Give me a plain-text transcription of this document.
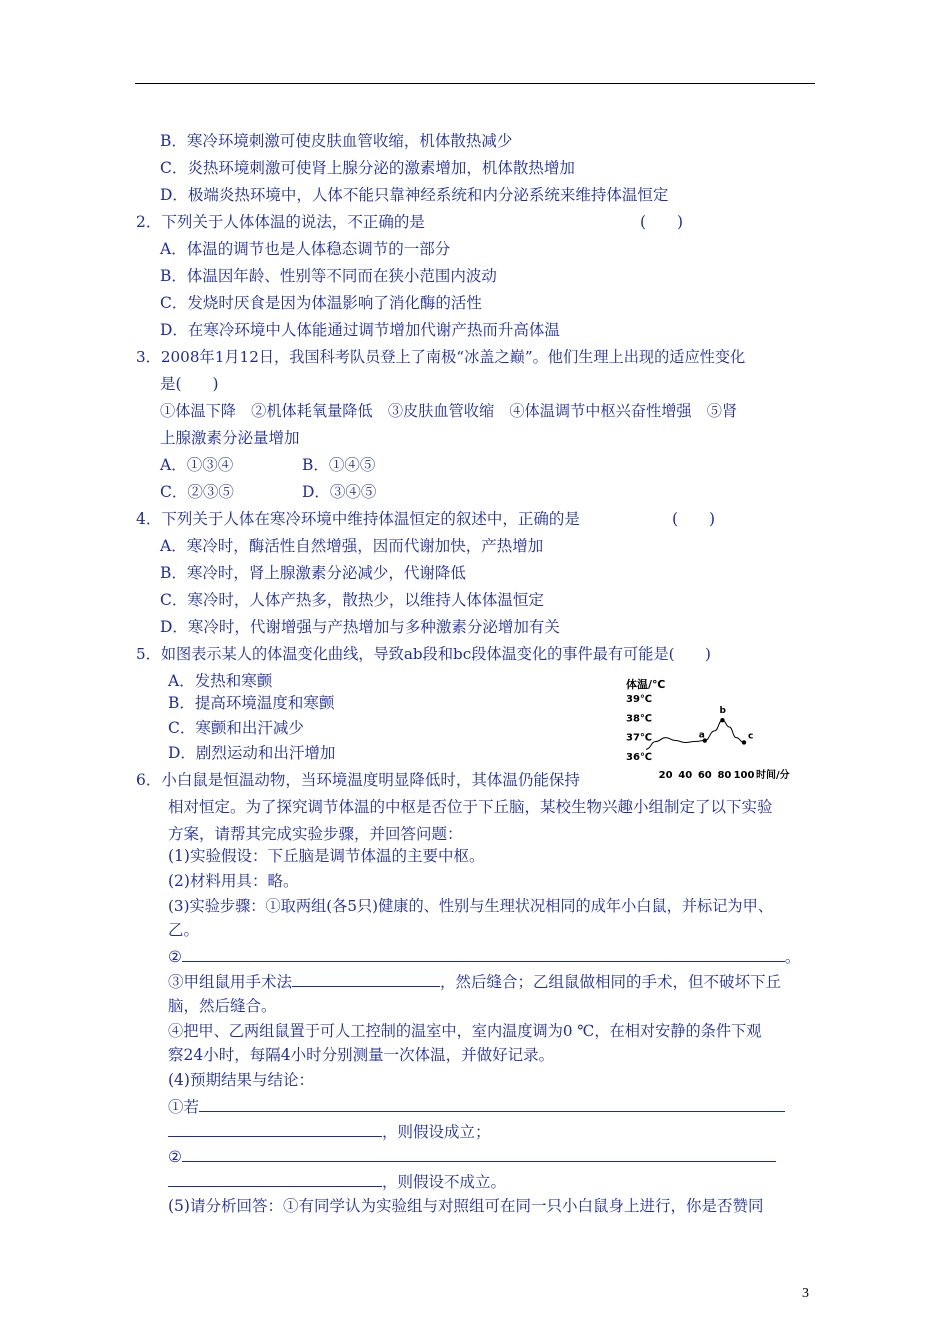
B．寒冷环境刺激可使皮肤血管收缩，机体散热减少
C．炎热环境刺激可使肾上腺分泌的激素增加，机体散热增加
D．极端炎热环境中，人体不能只靠神经系统和内分泌系统来维持体温恒定
2．下列关于人体体温的说法，不正确的是	(　　)
A．体温的调节也是人体稳态调节的一部分
B．体温因年龄、性别等不同而在狭小范围内波动
C．发烧时厌食是因为体温影响了消化酶的活性
D．在寒冷环境中人体能通过调节增加代谢产热而升高体温
3．2008年1月12日，我国科考队员登上了南极“冰盖之巅”。他们生理上出现的适应性变化
是(　　)
①体温下降　②机体耗氧量降低　③皮肤血管收缩　④体温调节中枢兴奋性增强　⑤肾
上腺激素分泌量增加
A．①③④	B．①④⑤
C．②③⑤	D．③④⑤
4．下列关于人体在寒冷环境中维持体温恒定的叙述中，正确的是	(　　)
A．寒冷时，酶活性自然增强，因而代谢加快，产热增加
B．寒冷时，肾上腺激素分泌减少，代谢降低
C．寒冷时，人体产热多，散热少，以维持人体体温恒定
D．寒冷时，代谢增强与产热增加与多种激素分泌增加有关
5．如图表示某人的体温变化曲线，导致ab段和bc段体温变化的事件最有可能是(　　)
A．发热和寒颤
B．提高环境温度和寒颤
C．寒颤和出汗减少
D．剧烈运动和出汗增加
体温/℃
时间/分
39℃
38℃
37℃
36℃
20 40 60 80 100
a
b
c
6．小白鼠是恒温动物，当环境温度明显降低时，其体温仍能保持
相对恒定。为了探究调节体温的中枢是否位于下丘脑，某校生物兴趣小组制定了以下实验
方案，请帮其完成实验步骤，并回答问题：
(1)实验假设：下丘脑是调节体温的主要中枢。
(2)材料用具：略。
(3)实验步骤：①取两组(各5只)健康的、性别与生理状况相同的成年小白鼠，并标记为甲、
乙。
②	。
③甲组鼠用手术法	，然后缝合；乙组鼠做相同的手术，但不破坏下丘
脑，然后缝合。
④把甲、乙两组鼠置于可人工控制的温室中，室内温度调为0 ℃，在相对安静的条件下观
察24小时，每隔4小时分别测量一次体温，并做好记录。
(4)预期结果与结论：
①若
，则假设成立；
②
，则假设不成立。
(5)请分析回答：①有同学认为实验组与对照组可在同一只小白鼠身上进行，你是否赞同
3
